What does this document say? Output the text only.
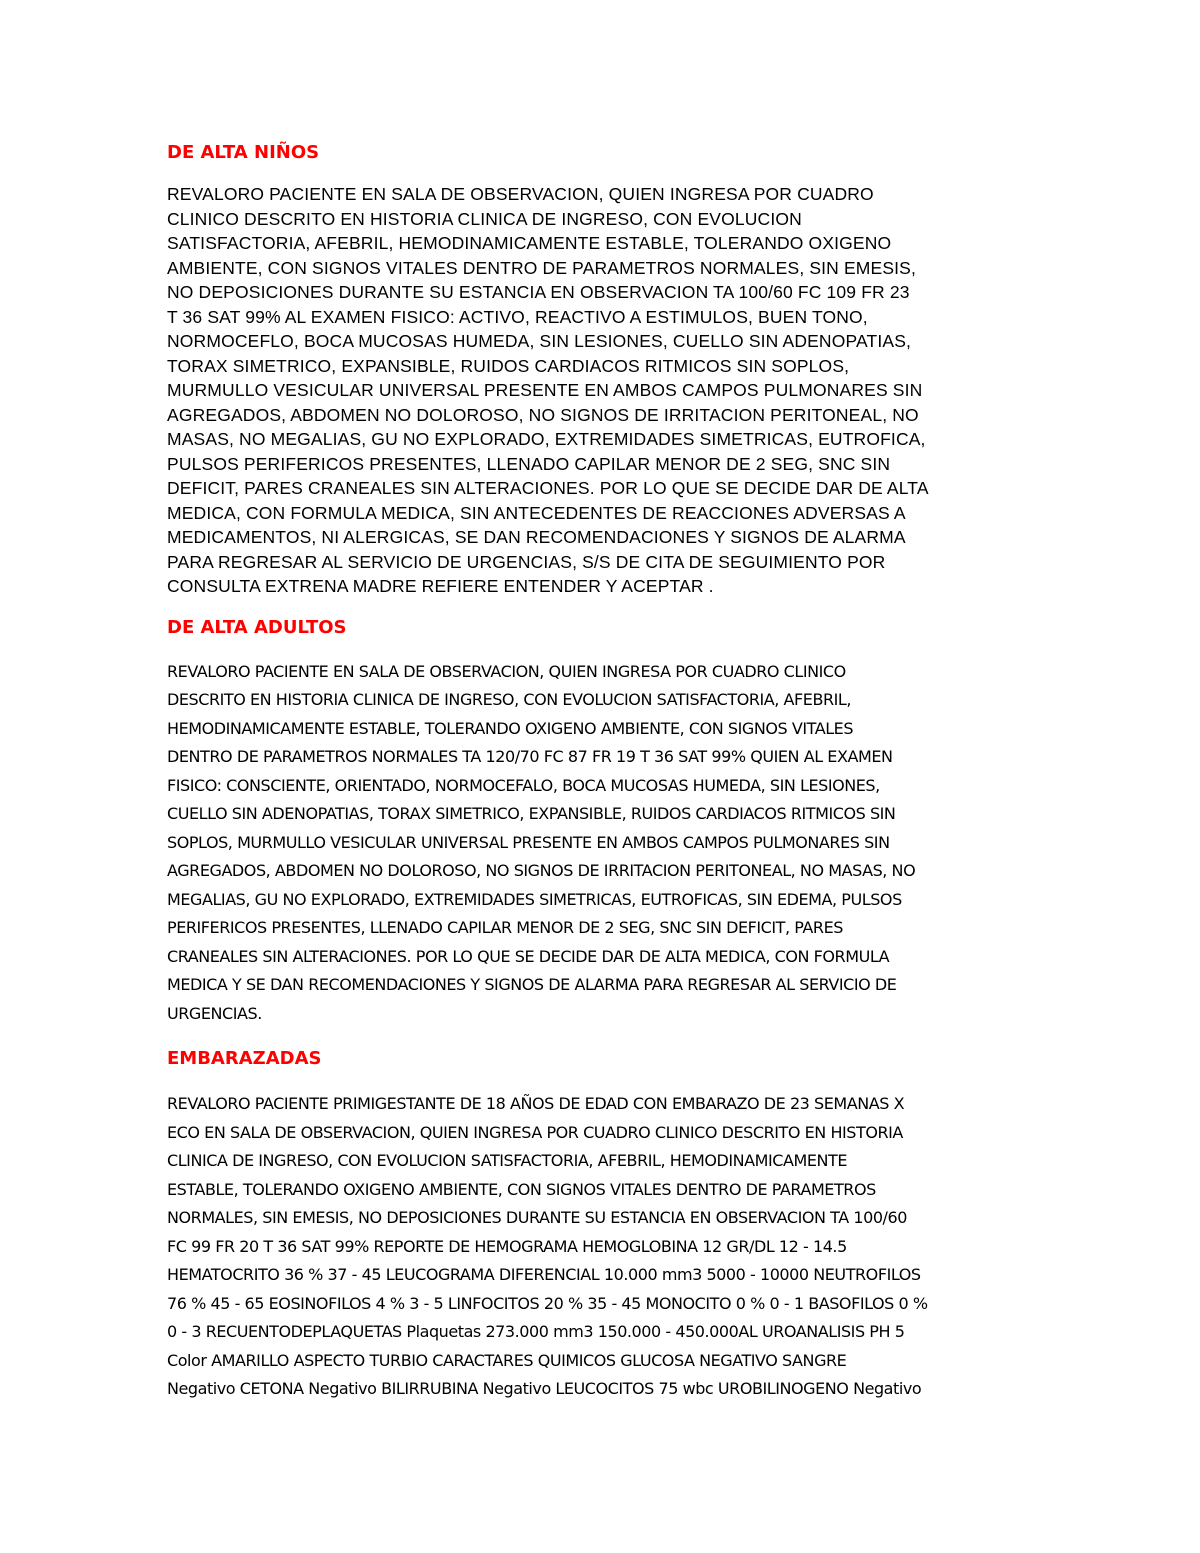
DE ALTA NIÑOS

REVALORO PACIENTE EN SALA DE OBSERVACION, QUIEN INGRESA POR CUADRO
CLINICO DESCRITO EN HISTORIA CLINICA DE INGRESO, CON EVOLUCION
SATISFACTORIA, AFEBRIL, HEMODINAMICAMENTE ESTABLE, TOLERANDO OXIGENO
AMBIENTE, CON SIGNOS VITALES DENTRO DE PARAMETROS NORMALES, SIN EMESIS,
NO DEPOSICIONES DURANTE SU ESTANCIA EN OBSERVACION TA 100/60 FC 109 FR 23
T 36 SAT 99% AL EXAMEN FISICO: ACTIVO, REACTIVO A ESTIMULOS, BUEN TONO,
NORMOCEFLO, BOCA MUCOSAS HUMEDA, SIN LESIONES, CUELLO SIN ADENOPATIAS,
TORAX SIMETRICO, EXPANSIBLE, RUIDOS CARDIACOS RITMICOS SIN SOPLOS,
MURMULLO VESICULAR UNIVERSAL PRESENTE EN AMBOS CAMPOS PULMONARES SIN
AGREGADOS, ABDOMEN NO DOLOROSO, NO SIGNOS DE IRRITACION PERITONEAL, NO
MASAS, NO MEGALIAS, GU NO EXPLORADO, EXTREMIDADES SIMETRICAS, EUTROFICA,
PULSOS PERIFERICOS PRESENTES, LLENADO CAPILAR MENOR DE 2 SEG, SNC SIN
DEFICIT, PARES CRANEALES SIN ALTERACIONES. POR LO QUE SE DECIDE DAR DE ALTA
MEDICA, CON FORMULA MEDICA, SIN ANTECEDENTES DE REACCIONES ADVERSAS A
MEDICAMENTOS, NI ALERGICAS, SE DAN RECOMENDACIONES Y SIGNOS DE ALARMA
PARA REGRESAR AL SERVICIO DE URGENCIAS, S/S DE CITA DE SEGUIMIENTO POR
CONSULTA EXTRENA MADRE REFIERE ENTENDER Y ACEPTAR .

DE ALTA ADULTOS

REVALORO PACIENTE EN SALA DE OBSERVACION, QUIEN INGRESA POR CUADRO CLINICO
DESCRITO EN HISTORIA CLINICA DE INGRESO, CON EVOLUCION SATISFACTORIA, AFEBRIL,
HEMODINAMICAMENTE ESTABLE, TOLERANDO OXIGENO AMBIENTE, CON SIGNOS VITALES
DENTRO DE PARAMETROS NORMALES TA 120/70 FC 87 FR 19 T 36 SAT 99% QUIEN AL EXAMEN
FISICO: CONSCIENTE, ORIENTADO, NORMOCEFALO, BOCA MUCOSAS HUMEDA, SIN LESIONES,
CUELLO SIN ADENOPATIAS, TORAX SIMETRICO, EXPANSIBLE, RUIDOS CARDIACOS RITMICOS SIN
SOPLOS, MURMULLO VESICULAR UNIVERSAL PRESENTE EN AMBOS CAMPOS PULMONARES SIN
AGREGADOS, ABDOMEN NO DOLOROSO, NO SIGNOS DE IRRITACION PERITONEAL, NO MASAS, NO
MEGALIAS, GU NO EXPLORADO, EXTREMIDADES SIMETRICAS, EUTROFICAS, SIN EDEMA, PULSOS
PERIFERICOS PRESENTES, LLENADO CAPILAR MENOR DE 2 SEG, SNC SIN DEFICIT, PARES
CRANEALES SIN ALTERACIONES. POR LO QUE SE DECIDE DAR DE ALTA MEDICA, CON FORMULA
MEDICA Y SE DAN RECOMENDACIONES Y SIGNOS DE ALARMA PARA REGRESAR AL SERVICIO DE
URGENCIAS.

EMBARAZADAS

REVALORO PACIENTE PRIMIGESTANTE DE 18 AÑOS DE EDAD CON EMBARAZO DE 23 SEMANAS X
ECO EN SALA DE OBSERVACION, QUIEN INGRESA POR CUADRO CLINICO DESCRITO EN HISTORIA
CLINICA DE INGRESO, CON EVOLUCION SATISFACTORIA, AFEBRIL, HEMODINAMICAMENTE
ESTABLE, TOLERANDO OXIGENO AMBIENTE, CON SIGNOS VITALES DENTRO DE PARAMETROS
NORMALES, SIN EMESIS, NO DEPOSICIONES DURANTE SU ESTANCIA EN OBSERVACION TA 100/60
FC 99 FR 20 T 36 SAT 99% REPORTE DE HEMOGRAMA HEMOGLOBINA 12 GR/DL 12 - 14.5
HEMATOCRITO 36 % 37 - 45 LEUCOGRAMA DIFERENCIAL 10.000 mm3 5000 - 10000 NEUTROFILOS
76 % 45 - 65 EOSINOFILOS 4 % 3 - 5 LINFOCITOS 20 % 35 - 45 MONOCITO 0 % 0 - 1 BASOFILOS 0 %
0 - 3 RECUENTODEPLAQUETAS Plaquetas 273.000 mm3 150.000 - 450.000AL UROANALISIS PH 5
Color AMARILLO ASPECTO TURBIO CARACTARES QUIMICOS GLUCOSA NEGATIVO SANGRE
Negativo CETONA Negativo BILIRRUBINA Negativo LEUCOCITOS 75 wbc UROBILINOGENO Negativo
